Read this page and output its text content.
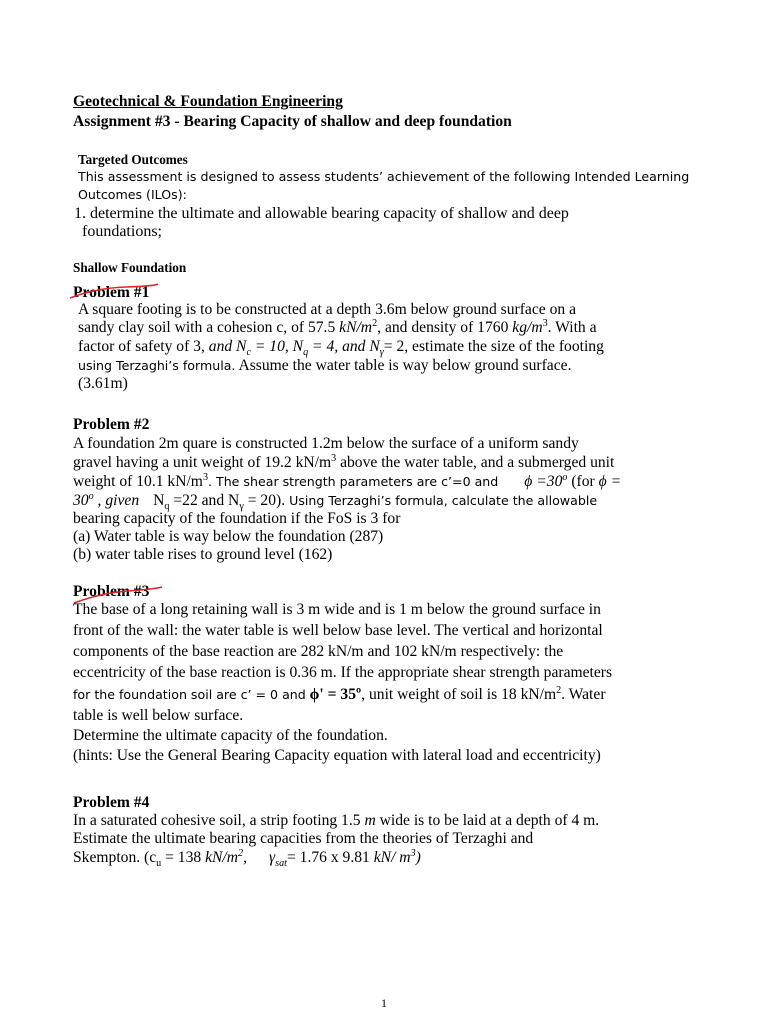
Geotechnical & Foundation Engineering
Assignment #3 - Bearing Capacity of shallow and deep foundation
Targeted Outcomes
This assessment is designed to assess students’ achievement of the following Intended Learning
Outcomes (ILOs):
1. determine the ultimate and allowable bearing capacity of shallow and deep
foundations;
Shallow Foundation
Problem #1
A square footing is to be constructed at a depth 3.6m below ground surface on a
sandy clay soil with a cohesion c, of 57.5 $kN/m^2$, and density of 1760 $kg/m^3$. With a
factor of safety of 3, and $N_c = 10$, $N_q = 4$, and $N_\gamma= 2$, estimate the size of the footing
using Terzaghi’s formula. Assume the water table is way below ground surface.
(3.61m)
Problem #2
A foundation 2m quare is constructed 1.2m below the surface of a uniform sandy
gravel having a unit weight of 19.2 $kN/m^3$ above the water table, and a submerged unit
weight of 10.1 $kN/m^3$. The shear strength parameters are c’=0 and $\phi =30^o$ (for ϕ =
$30^o$ , given $N_q =22$ and $N_\gamma = 20$). Using Terzaghi’s formula, calculate the allowable
bearing capacity of the foundation if the FoS is 3 for
(a) Water table is way below the foundation (287)
(b) water table rises to ground level (162)
Problem #3
The base of a long retaining wall is 3 m wide and is 1 m below the ground surface in
front of the wall: the water table is well below base level. The vertical and horizontal
components of the base reaction are 282 kN/m and 102 kN/m respectively: the
eccentricity of the base reaction is 0.36 m. If the appropriate shear strength parameters
for the foundation soil are c’ = 0 and ϕ' = 35º, unit weight of soil is 18 $kN/m^2$. Water
table is well below surface.
Determine the ultimate capacity of the foundation.
(hints: Use the General Bearing Capacity equation with lateral load and eccentricity)
Problem #4
In a saturated cohesive soil, a strip footing 1.5 m wide is to be laid at a depth of 4 m.
Estimate the ultimate bearing capacities from the theories of Terzaghi and
Skempton. ($c_u = 138$ $kN/m^2$, $\gamma_{sat}= 1.76$ x 9.81 kN/ $m^3$)
1
